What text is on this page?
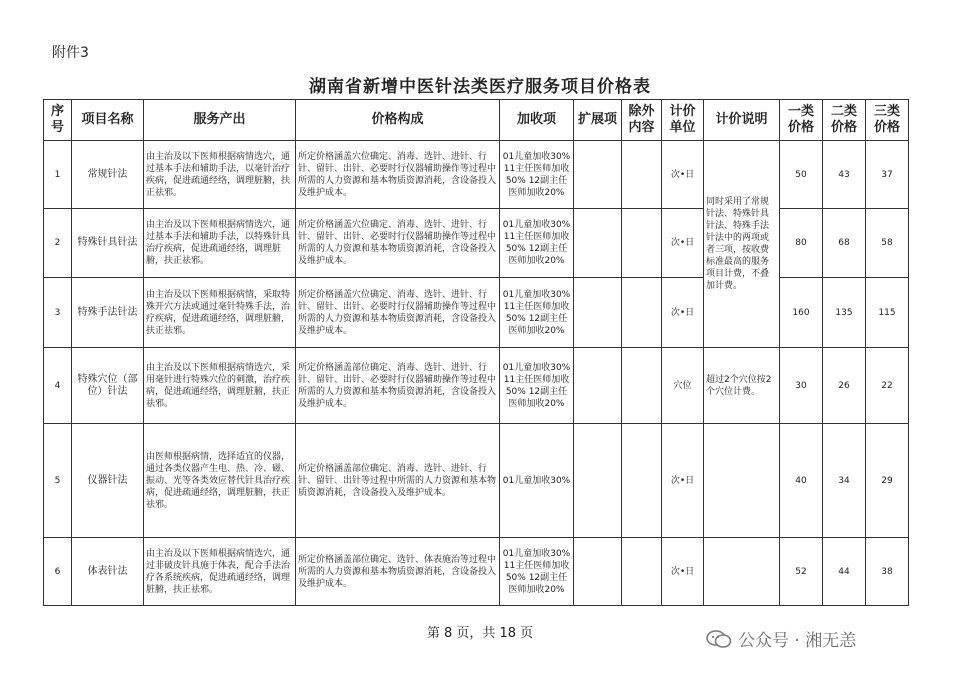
附件3
湖南省新增中医针法类医疗服务项目价格表
序号	项目名称	服务产出	价格构成	加收项	扩展项	除外内容	计价单位	计价说明	一类价格	二类价格	三类价格
1	常规针法	由主治及以下医师根据病情选穴，通过基本手法和辅助手法，以毫针治疗疾病，促进疏通经络，调理脏腑，扶正祛邪。	所定价格涵盖穴位确定、消毒、选针、进针、行针、留针、出针、必要时行仪器辅助操作等过程中所需的人力资源和基本物质资源消耗，含设备投入及维护成本。	01儿童加收30% 11主任医师加收50% 12副主任医师加收20%			次•日	同时采用了常规针法、特殊针具针法、特殊手法针法中的两项或者三项，按收费标准最高的服务项目计费，不叠加计费。	50	43	37
2	特殊针具针法	由主治及以下医师根据病情选穴，通过基本手法和辅助手法，以特殊针具治疗疾病，促进疏通经络，调理脏腑，扶正祛邪。	所定价格涵盖穴位确定、消毒、选针、进针、行针、留针、出针、必要时行仪器辅助操作等过程中所需的人力资源和基本物质资源消耗，含设备投入及维护成本。	01儿童加收30% 11主任医师加收50% 12副主任医师加收20%			次•日		80	68	58
3	特殊手法针法	由主治及以下医师根据病情，采取特殊开穴方法或通过毫针特殊手法，治疗疾病，促进疏通经络，调理脏腑，扶正祛邪。	所定价格涵盖穴位确定、消毒、选针、进针、行针、留针、出针、必要时行仪器辅助操作等过程中所需的人力资源和基本物质资源消耗，含设备投入及维护成本。	01儿童加收30% 11主任医师加收50% 12副主任医师加收20%			次•日		160	135	115
4	特殊穴位（部位）针法	由主治及以下医师根据病情选穴，采用毫针进行特殊穴位的刺激，治疗疾病，促进疏通经络，调理脏腑，扶正祛邪。	所定价格涵盖部位确定、消毒、选针、进针、行针、留针、出针、必要时行仪器辅助操作等过程中所需的人力资源和基本物质资源消耗，含设备投入及维护成本。	01儿童加收30% 11主任医师加收50% 12副主任医师加收20%			穴位	超过2个穴位按2个穴位计费。	30	26	22
5	仪器针法	由医师根据病情，选择适宜的仪器，通过各类仪器产生电、热、冷、磁、振动、光等各类效应替代针具治疗疾病，促进疏通经络，调理脏腑，扶正祛邪。	所定价格涵盖部位确定、消毒、选针、进针、行针、留针、出针等过程中所需的人力资源和基本物质资源消耗，含设备投入及维护成本。	01儿童加收30%			次•日		40	34	29
6	体表针法	由主治及以下医师根据病情选穴，通过非破皮针具施于体表，配合手法治疗各系统疾病，促进疏通经络，调理脏腑，扶正祛邪。	所定价格涵盖部位确定、选针、体表施治等过程中所需的人力资源和基本物质资源消耗，含设备投入及维护成本。	01儿童加收30% 11主任医师加收50% 12副主任医师加收20%			次•日		52	44	38
第 8 页，共 18 页	公众号 · 湘无恙
